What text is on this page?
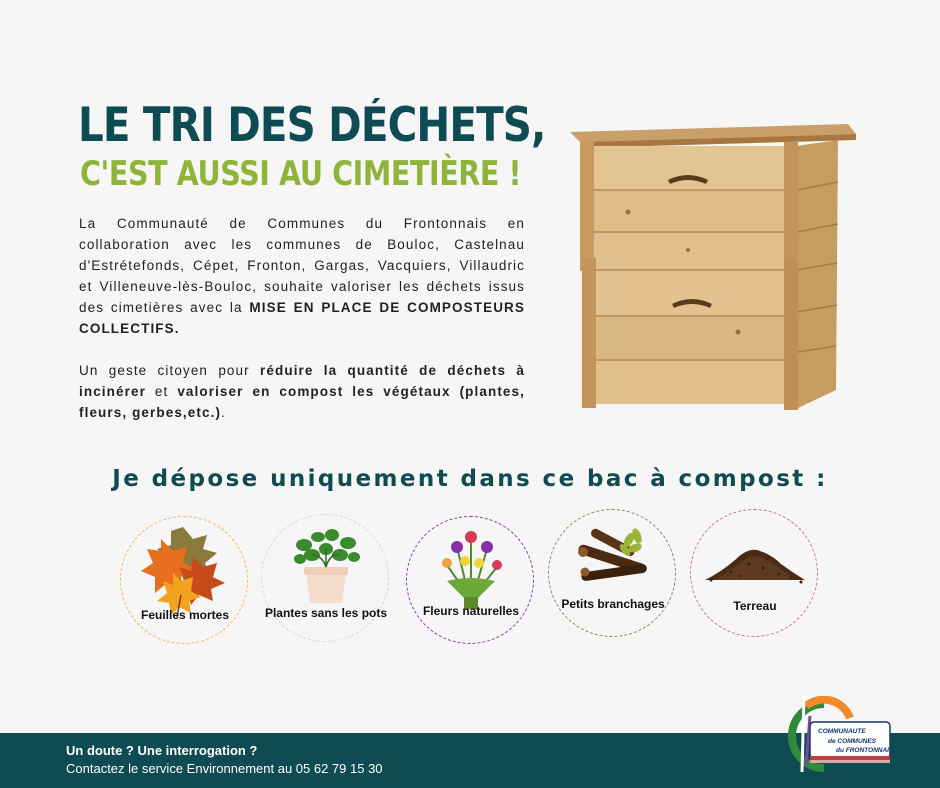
LE TRI DES DÉCHETS,
C'EST AUSSI AU CIMETIÈRE !
La Communauté de Communes du Frontonnais en collaboration avec les communes de Bouloc, Castelnau d'Estrétefonds, Cépet, Fronton, Gargas, Vacquiers, Villaudric et Villeneuve-lès-Bouloc, souhaite valoriser les déchets issus des cimetières avec la MISE EN PLACE DE COMPOSTEURS COLLECTIFS.
Un geste citoyen pour réduire la quantité de déchets à incinérer et valoriser en compost les végétaux (plantes, fleurs, gerbes,etc.).
Je dépose uniquement dans ce bac à compost :
Feuilles mortes	Plantes sans les pots	Fleurs naturelles	Petits branchages	Terreau
Un doute ? Une interrogation ?
Contactez le service Environnement au 05 62 79 15 30
COMMUNAUTE
de COMMUNES
du FRONTONNAIS
